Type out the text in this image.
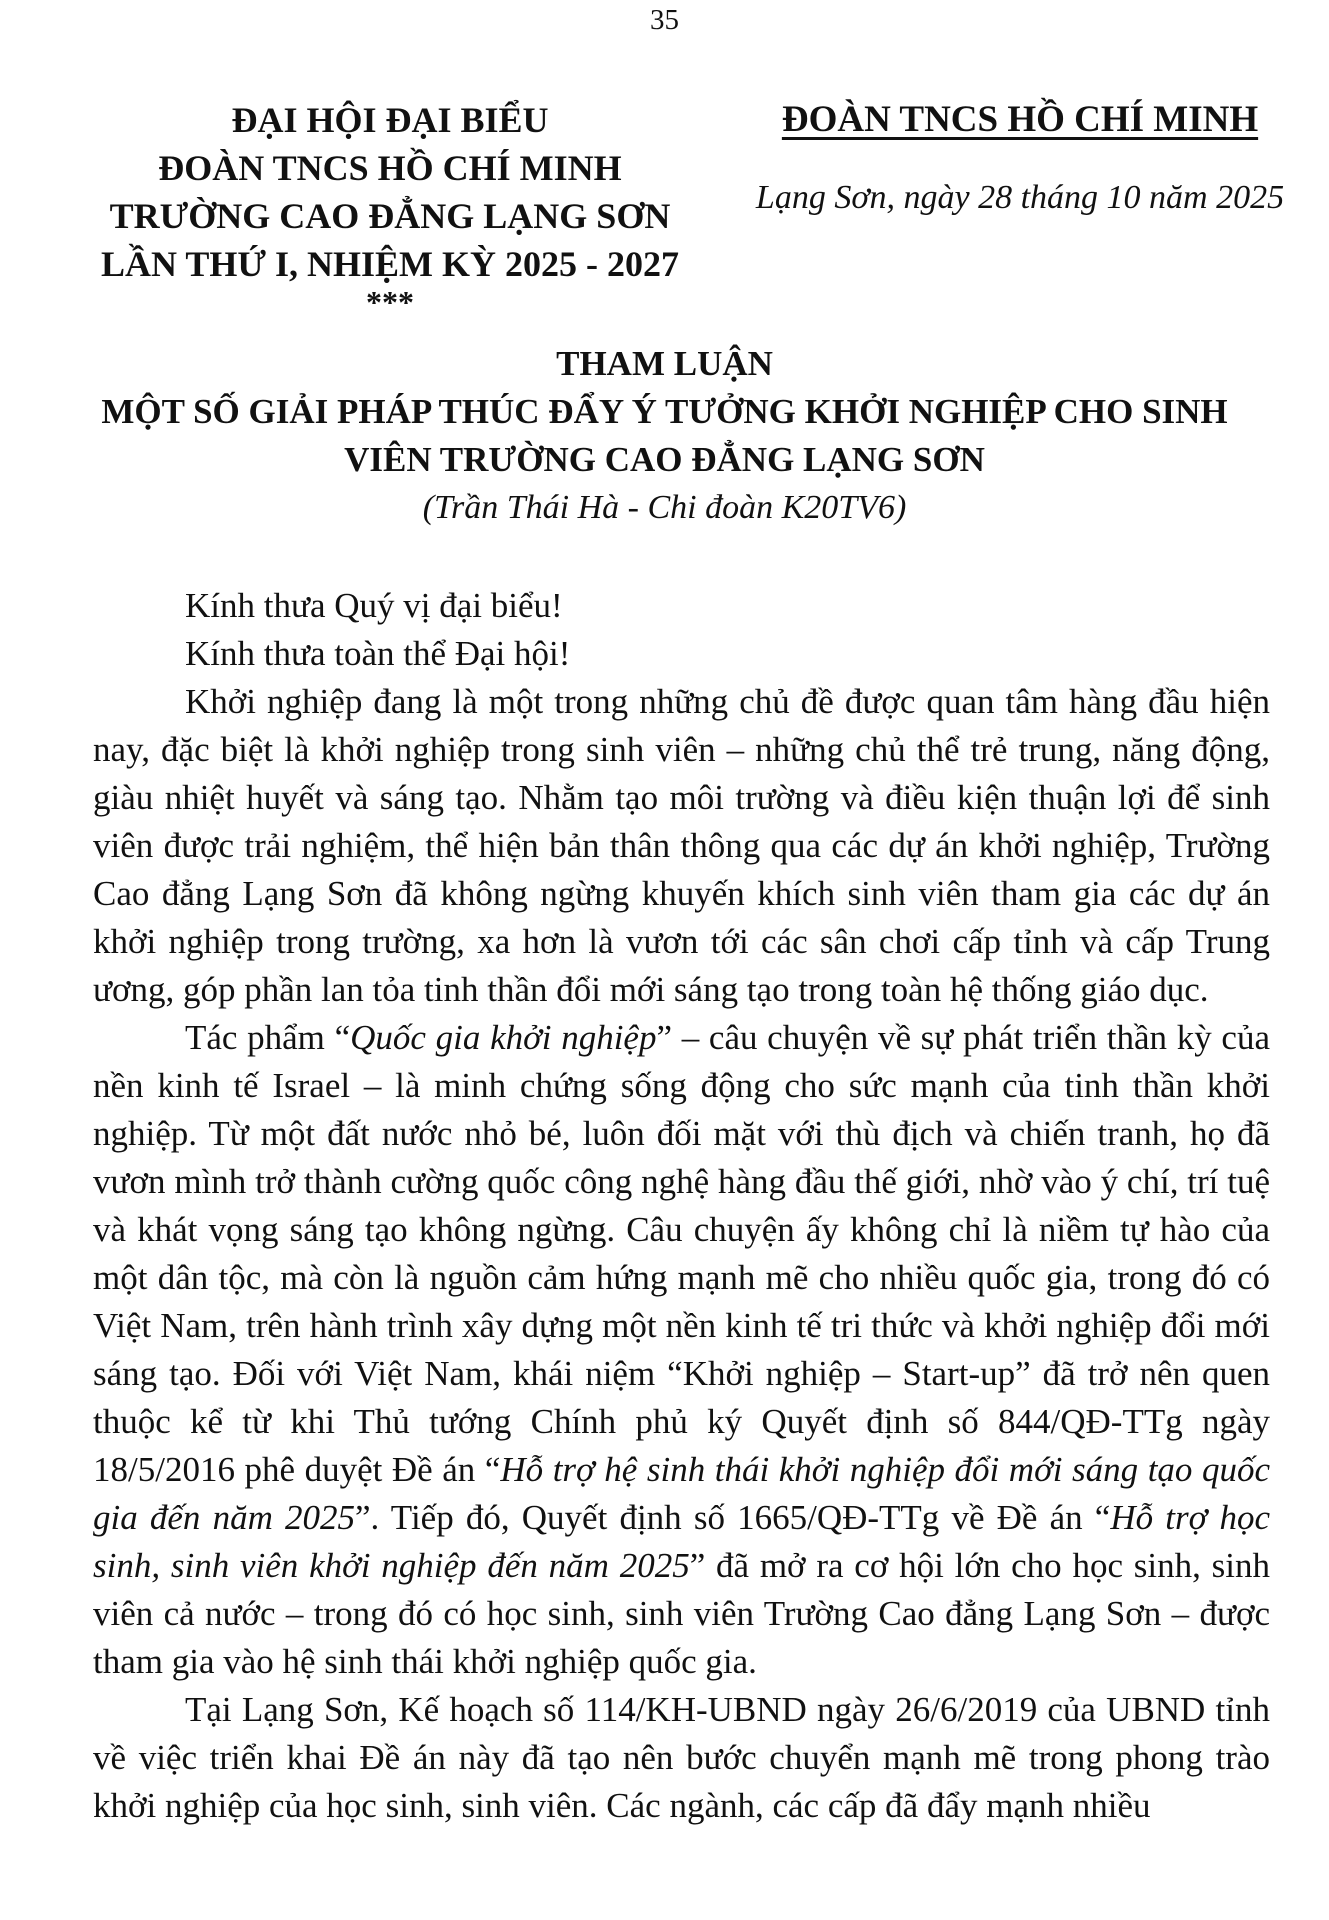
35
ĐẠI HỘI ĐẠI BIỂU
ĐOÀN TNCS HỒ CHÍ MINH
TRƯỜNG CAO ĐẲNG LẠNG SƠN
LẦN THỨ I, NHIỆM KỲ 2025 - 2027
***
ĐOÀN TNCS HỒ CHÍ MINH
Lạng Sơn, ngày 28 tháng 10 năm 2025
THAM LUẬN
MỘT SỐ GIẢI PHÁP THÚC ĐẨY Ý TƯỞNG KHỞI NGHIỆP CHO SINH
VIÊN TRƯỜNG CAO ĐẲNG LẠNG SƠN
(Trần Thái Hà - Chi đoàn K20TV6)

Kính thưa Quý vị đại biểu!

Kính thưa toàn thể Đại hội!

Khởi nghiệp đang là một trong những chủ đề được quan tâm hàng đầu hiện nay, đặc biệt là khởi nghiệp trong sinh viên – những chủ thể trẻ trung, năng động, giàu nhiệt huyết và sáng tạo. Nhằm tạo môi trường và điều kiện thuận lợi để sinh viên được trải nghiệm, thể hiện bản thân thông qua các dự án khởi nghiệp, Trường Cao đẳng Lạng Sơn đã không ngừng khuyến khích sinh viên tham gia các dự án khởi nghiệp trong trường, xa hơn là vươn tới các sân chơi cấp tỉnh và cấp Trung ương, góp phần lan tỏa tinh thần đổi mới sáng tạo trong toàn hệ thống giáo dục.

Tác phẩm “Quốc gia khởi nghiệp” – câu chuyện về sự phát triển thần kỳ của nền kinh tế Israel – là minh chứng sống động cho sức mạnh của tinh thần khởi nghiệp. Từ một đất nước nhỏ bé, luôn đối mặt với thù địch và chiến tranh, họ đã vươn mình trở thành cường quốc công nghệ hàng đầu thế giới, nhờ vào ý chí, trí tuệ và khát vọng sáng tạo không ngừng. Câu chuyện ấy không chỉ là niềm tự hào của một dân tộc, mà còn là nguồn cảm hứng mạnh mẽ cho nhiều quốc gia, trong đó có Việt Nam, trên hành trình xây dựng một nền kinh tế tri thức và khởi nghiệp đổi mới sáng tạo. Đối với Việt Nam, khái niệm “Khởi nghiệp – Start-up” đã trở nên quen thuộc kể từ khi Thủ tướng Chính phủ ký Quyết định số 844/QĐ-TTg ngày 18/5/2016 phê duyệt Đề án “Hỗ trợ hệ sinh thái khởi nghiệp đổi mới sáng tạo quốc gia đến năm 2025”. Tiếp đó, Quyết định số 1665/QĐ-TTg về Đề án “Hỗ trợ học sinh, sinh viên khởi nghiệp đến năm 2025” đã mở ra cơ hội lớn cho học sinh, sinh viên cả nước – trong đó có học sinh, sinh viên Trường Cao đẳng Lạng Sơn – được tham gia vào hệ sinh thái khởi nghiệp quốc gia.

Tại Lạng Sơn, Kế hoạch số 114/KH-UBND ngày 26/6/2019 của UBND tỉnh về việc triển khai Đề án này đã tạo nên bước chuyển mạnh mẽ trong phong trào khởi nghiệp của học sinh, sinh viên. Các ngành, các cấp đã đẩy mạnh nhiều
